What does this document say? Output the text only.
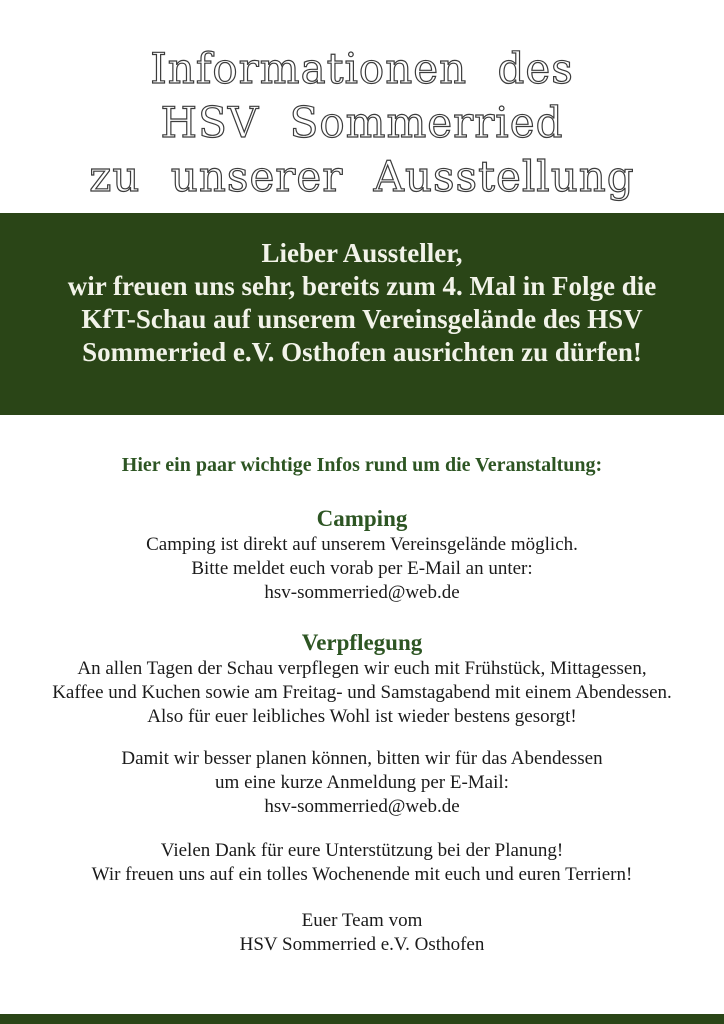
Informationen des
HSV Sommerried
zu unserer Ausstellung
Lieber Aussteller,
wir freuen uns sehr, bereits zum 4. Mal in Folge die
KfT-Schau auf unserem Vereinsgelände des HSV
Sommerried e.V. Osthofen ausrichten zu dürfen!
Hier ein paar wichtige Infos rund um die Veranstaltung:
Camping

Camping ist direkt auf unserem Vereinsgelände möglich.

Bitte meldet euch vorab per E-Mail an unter:

hsv-sommerried@web.de

Verpflegung

An allen Tagen der Schau verpflegen wir euch mit Frühstück, Mittagessen,

Kaffee und Kuchen sowie am Freitag- und Samstagabend mit einem Abendessen.

Also für euer leibliches Wohl ist wieder bestens gesorgt!

Damit wir besser planen können, bitten wir für das Abendessen

um eine kurze Anmeldung per E-Mail:

hsv-sommerried@web.de

Vielen Dank für eure Unterstützung bei der Planung!

Wir freuen uns auf ein tolles Wochenende mit euch und euren Terriern!

Euer Team vom

HSV Sommerried e.V. Osthofen
